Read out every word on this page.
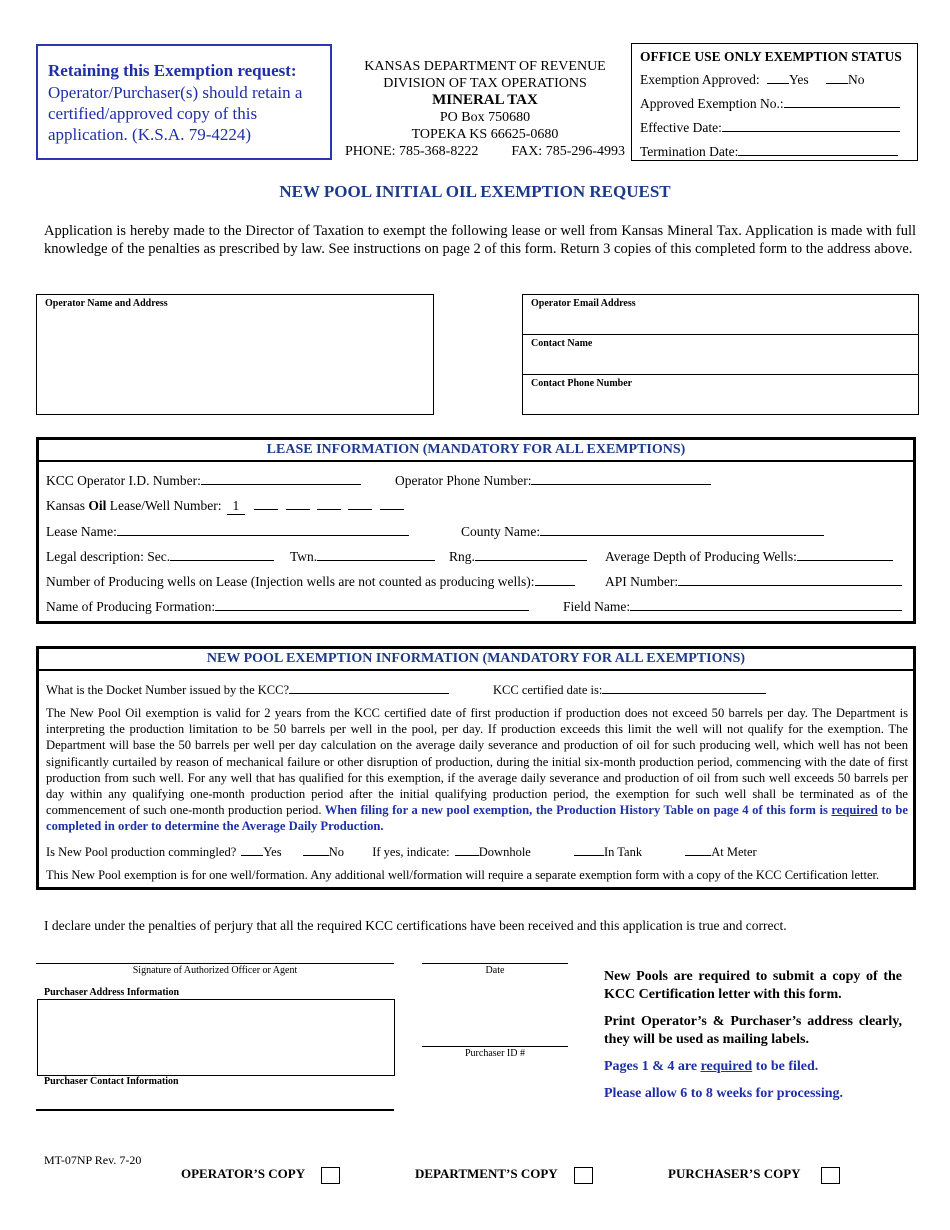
Retaining this Exemption request:
Operator/Purchaser(s) should retain a certified/approved copy of this application. (K.S.A. 79-4224)
KANSAS DEPARTMENT OF REVENUE
DIVISION OF TAX OPERATIONS
MINERAL TAX
PO Box 750680
TOPEKA KS 66625-0680
PHONE: 785-368-8222 FAX: 785-296-4993
OFFICE USE ONLY EXEMPTION STATUS
Exemption Approved: Yes	No
Approved Exemption No.:
Effective Date:
Termination Date:
NEW POOL INITIAL OIL EXEMPTION REQUEST
Application is hereby made to the Director of Taxation to exempt the following lease or well from Kansas Mineral Tax. Application is made with full knowledge of the penalties as prescribed by law. See instructions on page 2 of this form. Return 3 copies of this completed form to the address above.
Operator Name and Address	Operator Email Address
Contact Name
Contact Phone Number
LEASE INFORMATION (MANDATORY FOR ALL EXEMPTIONS)
KCC Operator I.D. Number:	Operator Phone Number:
Kansas Oil Lease/Well Number: 1
Lease Name:	County Name:
Legal description: Sec.	Twn.	Rng.	Average Depth of Producing Wells:
Number of Producing wells on Lease (Injection wells are not counted as producing wells):	API Number:
Name of Producing Formation:	Field Name:
NEW POOL EXEMPTION INFORMATION (MANDATORY FOR ALL EXEMPTIONS)
What is the Docket Number issued by the KCC?	KCC certified date is:
The New Pool Oil exemption is valid for 2 years from the KCC certified date of first production if production does not exceed 50 barrels per day. The Department is interpreting the production limitation to be 50 barrels per well in the pool, per day. If production exceeds this limit the well will not qualify for the exemption. The Department will base the 50 barrels per well per day calculation on the average daily severance and production of oil for such producing well, which well has not been significantly curtailed by reason of mechanical failure or other disruption of production, during the initial six-month production period, commencing with the date of first production from such well. For any well that has qualified for this exemption, if the average daily severance and production of oil from such well exceeds 50 barrels per day within any qualifying one-month production period after the initial qualifying production period, the exemption for such well shall be terminated as of the commencement of such one-month production period. When filing for a new pool exemption, the Production History Table on page 4 of this form is required to be completed in order to determine the Average Daily Production.
Is New Pool production commingled? Yes	No If yes, indicate: Downhole	In Tank	At Meter
This New Pool exemption is for one well/formation. Any additional well/formation will require a separate exemption form with a copy of the KCC Certification letter.
I declare under the penalties of perjury that all the required KCC certifications have been received and this application is true and correct.
Signature of Authorized Officer or Agent	Date
Purchaser Address Information
Purchaser ID #
Purchaser Contact Information

New Pools are required to submit a copy of the KCC Certification letter with this form.

Print Operator’s & Purchaser’s address clearly, they will be used as mailing labels.

Pages 1 & 4 are required to be filed.

Please allow 6 to 8 weeks for processing.

MT-07NP Rev. 7-20
OPERATOR’S COPY	DEPARTMENT’S COPY	PURCHASER’S COPY
